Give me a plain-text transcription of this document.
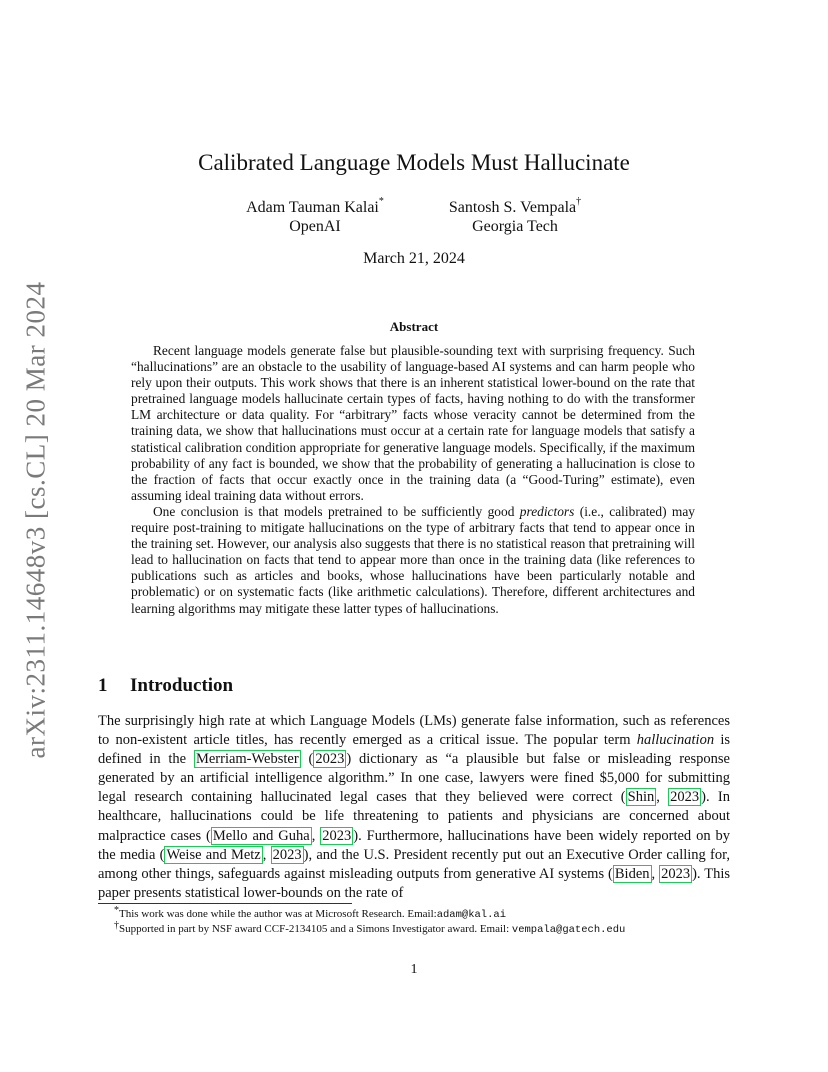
arXiv:2311.14648v3 [cs.CL] 20 Mar 2024
Calibrated Language Models Must Hallucinate
Adam Tauman Kalai*
OpenAI
Santosh S. Vempala†
Georgia Tech
March 21, 2024
Abstract

Recent language models generate false but plausible-sounding text with surprising frequency. Such “hallucinations” are an obstacle to the usability of language-based AI systems and can harm people who rely upon their outputs. This work shows that there is an inherent statistical lower-bound on the rate that pretrained language models hallucinate certain types of facts, having nothing to do with the transformer LM architecture or data quality. For “arbitrary” facts whose veracity cannot be determined from the training data, we show that hallucinations must occur at a certain rate for language models that satisfy a statistical calibration condition appropriate for generative language models. Specifically, if the maximum probability of any fact is bounded, we show that the probability of generating a hallucination is close to the fraction of facts that occur exactly once in the training data (a “Good-Turing” estimate), even assuming ideal training data without errors.

One conclusion is that models pretrained to be sufficiently good predictors (i.e., calibrated) may require post-training to mitigate hallucinations on the type of arbitrary facts that tend to appear once in the training set. However, our analysis also suggests that there is no statistical reason that pretraining will lead to hallucination on facts that tend to appear more than once in the training data (like references to publications such as articles and books, whose hallucinations have been particularly notable and problematic) or on systematic facts (like arithmetic calculations). Therefore, different architectures and learning algorithms may mitigate these latter types of hallucinations.

1 Introduction

The surprisingly high rate at which Language Models (LMs) generate false information, such as references to non-existent article titles, has recently emerged as a critical issue. The popular term hallucination is defined in the Merriam-Webster ( 2023 ) dictionary as “a plausible but false or misleading response generated by an artificial intelligence algorithm.” In one case, lawyers were fined $5,000 for submitting legal research containing hallucinated legal cases that they believed were correct ( Shin , 2023 ). In healthcare, hallucinations could be life threatening to patients and physicians are concerned about malpractice cases ( Mello and Guha , 2023 ). Furthermore, hallucinations have been widely reported on by the media ( Weise and Metz , 2023 ), and the U.S. President recently put out an Executive Order calling for, among other things, safeguards against misleading outputs from generative AI systems ( Biden , 2023 ). This paper presents statistical lower-bounds on the rate of

*This work was done while the author was at Microsoft Research. Email:adam@kal.ai
†Supported in part by NSF award CCF-2134105 and a Simons Investigator award. Email: vempala@gatech.edu
1
